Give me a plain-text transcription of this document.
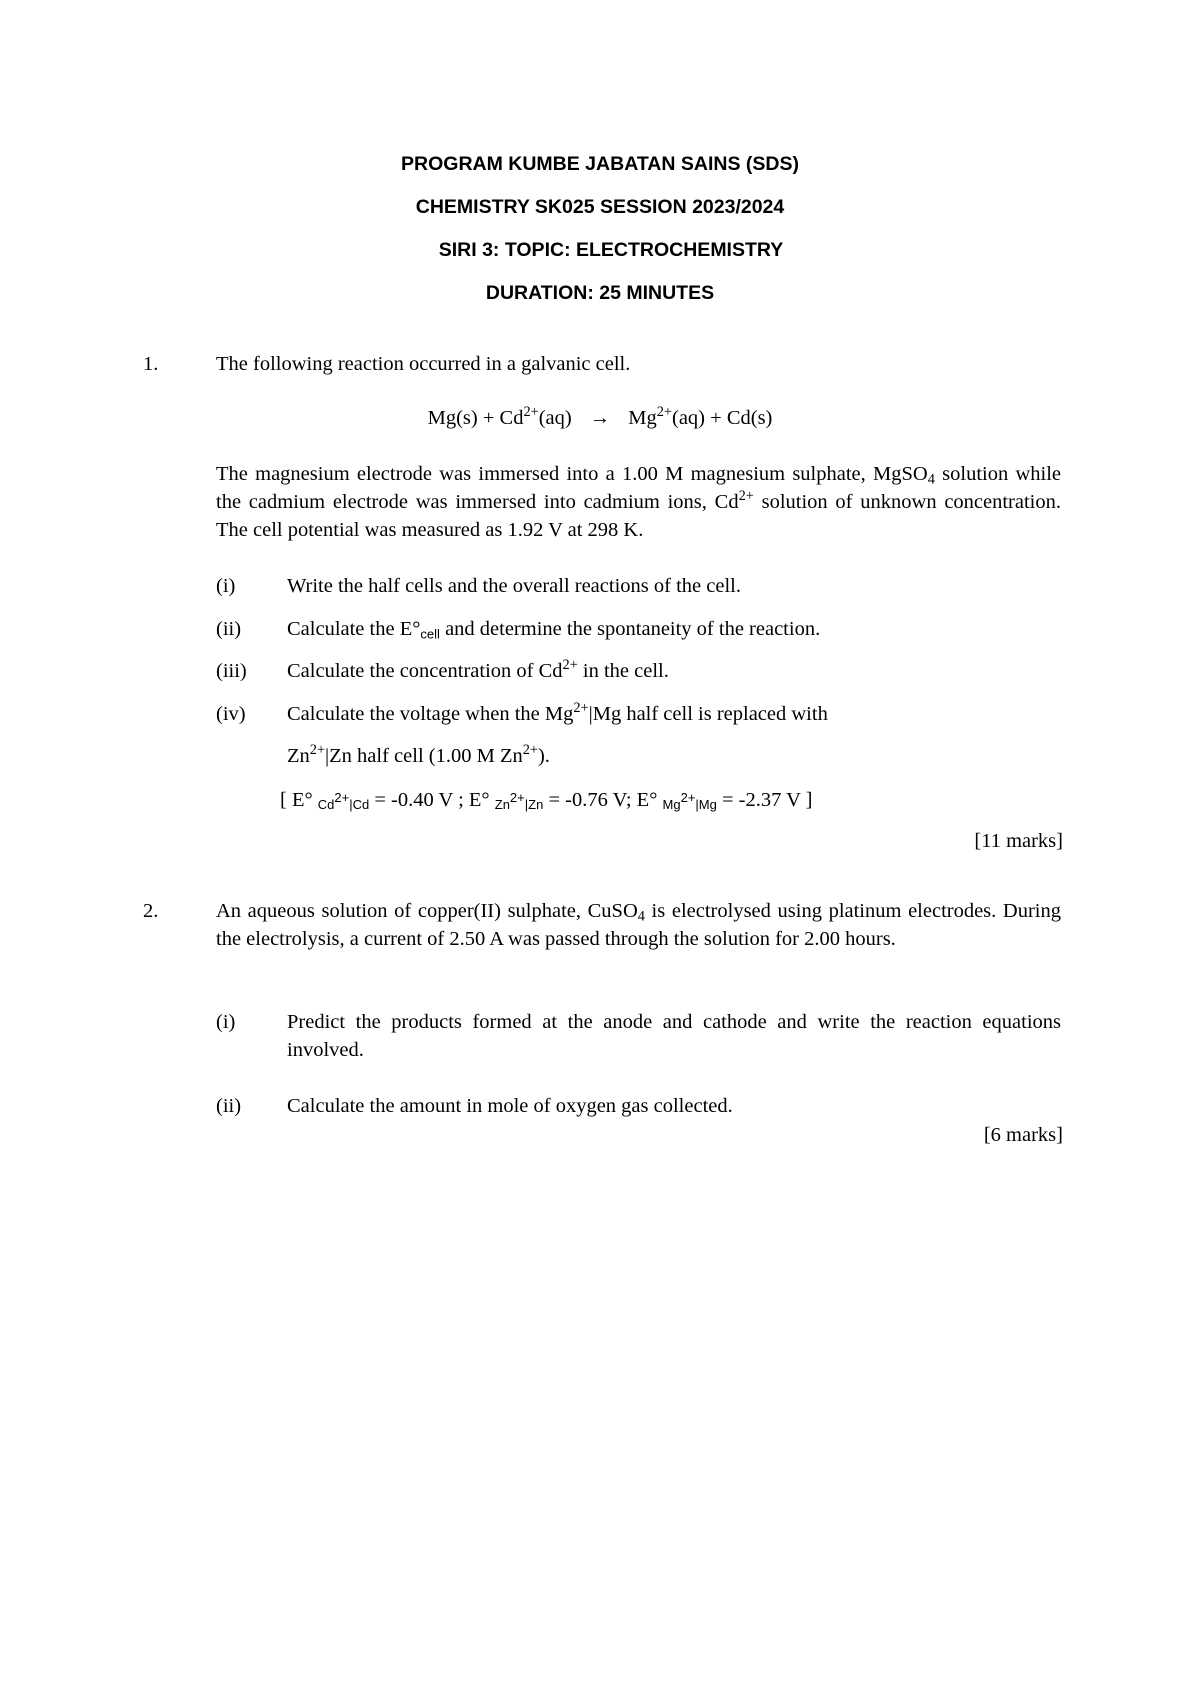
PROGRAM KUMBE JABATAN SAINS (SDS)
CHEMISTRY SK025 SESSION 2023/2024
SIRI 3: TOPIC: ELECTROCHEMISTRY
DURATION: 25 MINUTES
1.	The following reaction occurred in a galvanic cell.
$Mg(s) + Cd^{2+}(aq) \to Mg^{2+}(aq) + Cd(s)$
The magnesium electrode was immersed into a 1.00 M magnesium sulphate, MgSO$_4$ solution while the cadmium electrode was immersed into cadmium ions, $Cd^{2+}$ solution of unknown concentration. The cell potential was measured as 1.92 V at 298 K.
(i)	Write the half cells and the overall reactions of the cell.
(ii) Calculate the $E^\circ_{cell}$ and determine the spontaneity of the reaction.
(iii) Calculate the concentration of $Cd^{2+}$ in the cell.
(iv) Calculate the voltage when the $Mg^{2+}|Mg$ half cell is replaced with
$Zn^{2+}|Zn$ half cell (1.00 M $Zn^{2+}$).
[ E° $_{Cd^{2+}|Cd}$ = -0.40 V ; E° $_{Zn^{2+}|Zn}$ = -0.76 V; E° $_{Mg^{2+}|Mg}$ = -2.37 V ]
[11 marks]
2.	An aqueous solution of copper(II) sulphate, CuSO$_4$ is electrolysed using platinum electrodes. During the electrolysis, a current of 2.50 A was passed through the solution for 2.00 hours.
(i)	Predict the products formed at the anode and cathode and write the reaction equations involved.
(ii) Calculate the amount in mole of oxygen gas collected.
[6 marks]
